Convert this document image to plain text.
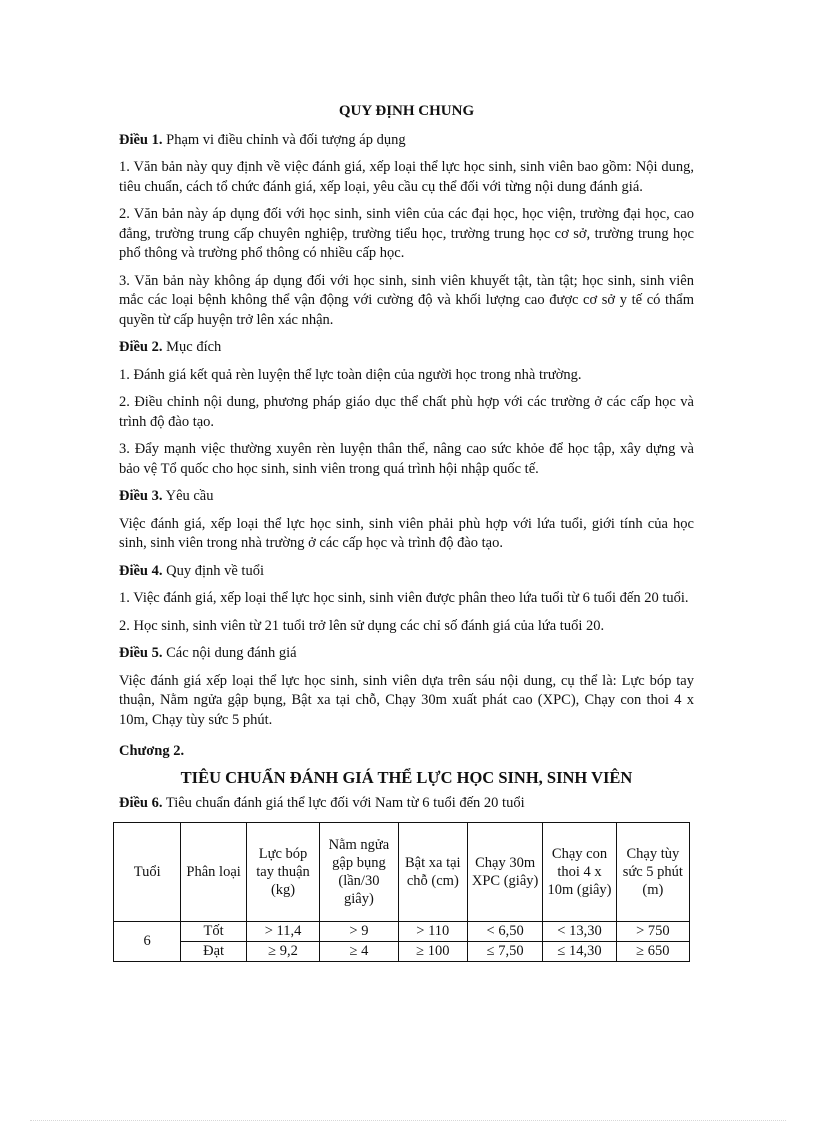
QUY ĐỊNH CHUNG
Điều 1. Phạm vi điều chỉnh và đối tượng áp dụng

1. Văn bản này quy định về việc đánh giá, xếp loại thể lực học sinh, sinh viên bao gồm: Nội dung, tiêu chuẩn, cách tổ chức đánh giá, xếp loại, yêu cầu cụ thể đối với từng nội dung đánh giá.

2. Văn bản này áp dụng đối với học sinh, sinh viên của các đại học, học viện, trường đại học, cao đẳng, trường trung cấp chuyên nghiệp, trường tiểu học, trường trung học cơ sở, trường trung học phổ thông và trường phổ thông có nhiều cấp học.

3. Văn bản này không áp dụng đối với học sinh, sinh viên khuyết tật, tàn tật; học sinh, sinh viên mắc các loại bệnh không thể vận động với cường độ và khối lượng cao được cơ sở y tế có thẩm quyền từ cấp huyện trở lên xác nhận.

Điều 2. Mục đích

1. Đánh giá kết quả rèn luyện thể lực toàn diện của người học trong nhà trường.

2. Điều chỉnh nội dung, phương pháp giáo dục thể chất phù hợp với các trường ở các cấp học và trình độ đào tạo.

3. Đẩy mạnh việc thường xuyên rèn luyện thân thể, nâng cao sức khỏe để học tập, xây dựng và bảo vệ Tổ quốc cho học sinh, sinh viên trong quá trình hội nhập quốc tế.

Điều 3. Yêu cầu

Việc đánh giá, xếp loại thể lực học sinh, sinh viên phải phù hợp với lứa tuổi, giới tính của học sinh, sinh viên trong nhà trường ở các cấp học và trình độ đào tạo.

Điều 4. Quy định về tuổi

1. Việc đánh giá, xếp loại thể lực học sinh, sinh viên được phân theo lứa tuổi từ 6 tuổi đến 20 tuổi.

2. Học sinh, sinh viên từ 21 tuổi trở lên sử dụng các chỉ số đánh giá của lứa tuổi 20.

Điều 5. Các nội dung đánh giá

Việc đánh giá xếp loại thể lực học sinh, sinh viên dựa trên sáu nội dung, cụ thể là: Lực bóp tay thuận, Nằm ngửa gập bụng, Bật xa tại chỗ, Chạy 30m xuất phát cao (XPC), Chạy con thoi 4 x 10m, Chạy tùy sức 5 phút.

Chương 2.
TIÊU CHUẨN ĐÁNH GIÁ THỂ LỰC HỌC SINH, SINH VIÊN
Điều 6. Tiêu chuẩn đánh giá thể lực đối với Nam từ 6 tuổi đến 20 tuổi
Tuổi	Phân loại	Lực bóp tay thuận (kg)	Nằm ngửa gập bụng (lần/30 giây)	Bật xa tại chỗ (cm)	Chạy 30m XPC (giây)	Chạy con thoi 4 x 10m (giây)	Chạy tùy sức 5 phút (m)
6	Tốt	> 11,4	> 9	> 110	< 6,50	< 13,30	> 750
	Đạt	≥ 9,2	≥ 4	≥ 100	≤ 7,50	≤ 14,30	≥ 650
